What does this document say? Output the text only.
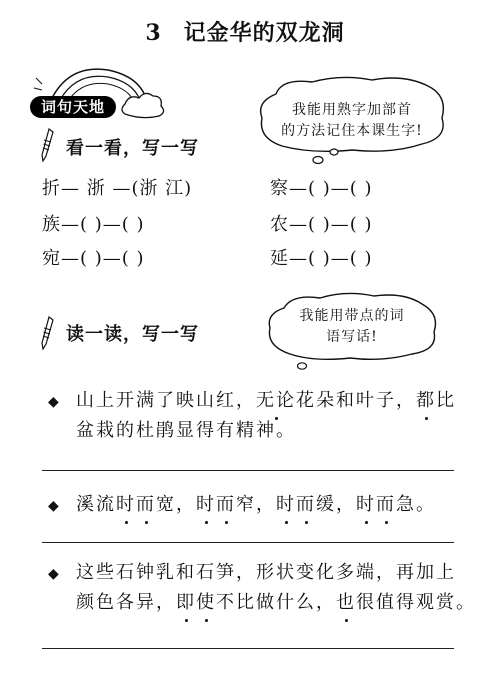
3 记金华的双龙洞
词句天地	我能用熟字加部首
的方法记住本课生字!
看一看，写一写
折— 浙 —(浙 江)
族—( )—( )
宛—( )—( )
察—( )—( )
农—( )—( )
延—( )—( )
我能用带点的词
语写话!
读一读，写一写
◆ 山上开满了映山红，无论花朵和叶子，都比
盆栽的杜鹃显得有精神。
◆ 溪流时而宽，时而窄，时而缓，时而急。
◆ 这些石钟乳和石笋，形状变化多端，再加上
颜色各异，即使不比做什么，也很值得观赏。
